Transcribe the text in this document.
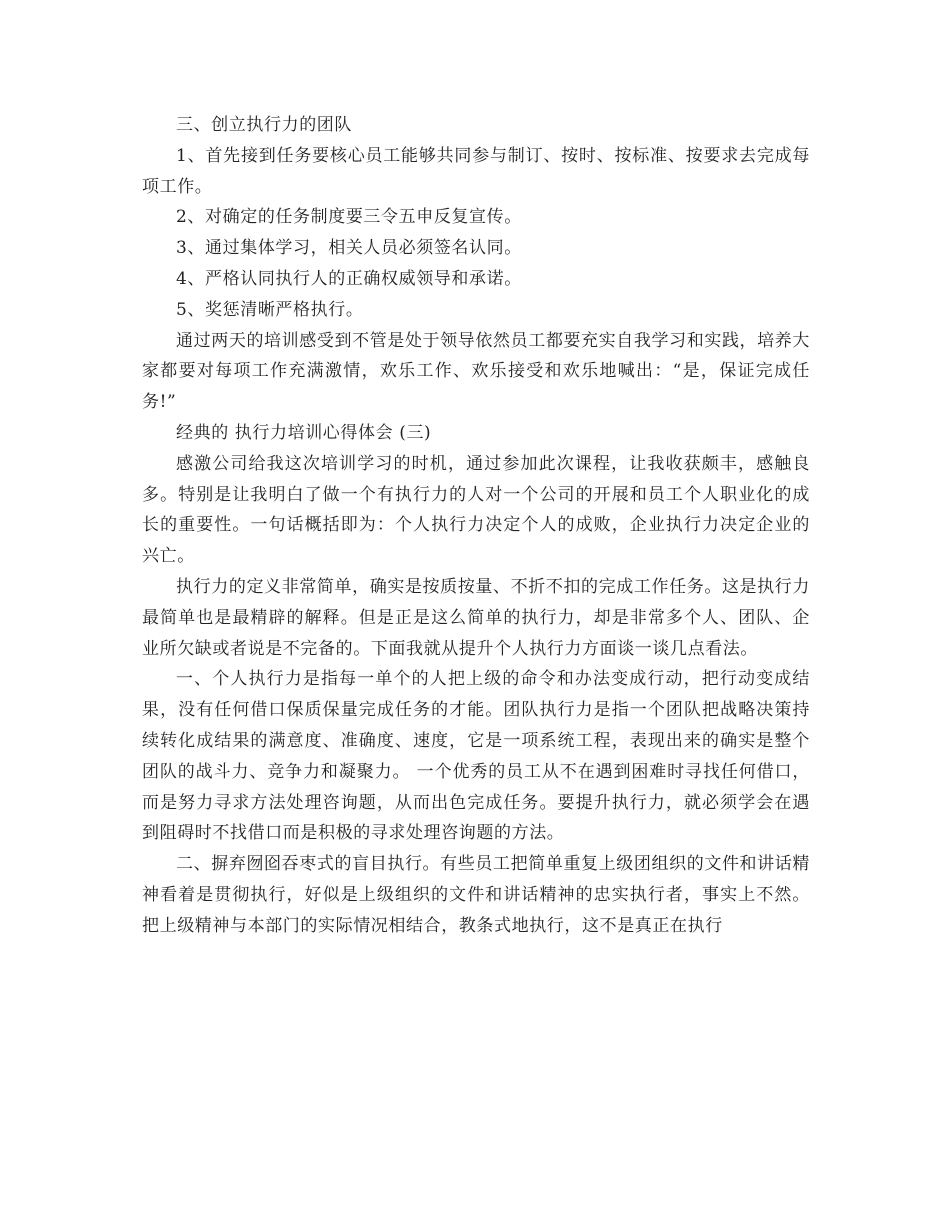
三、创立执行力的团队

1、首先接到任务要核心员工能够共同参与制订、按时、按标准、按要求去完成每项工作。

2、对确定的任务制度要三令五申反复宣传。

3、通过集体学习，相关人员必须签名认同。

4、严格认同执行人的正确权威领导和承诺。

5、奖惩清晰严格执行。

通过两天的培训感受到不管是处于领导依然员工都要充实自我学习和实践，培养大家都要对每项工作充满激情，欢乐工作、欢乐接受和欢乐地喊出：“是，保证完成任务!”

经典的 执行力培训心得体会 (三)

感激公司给我这次培训学习的时机，通过参加此次课程，让我收获颇丰，感触良多。特别是让我明白了做一个有执行力的人对一个公司的开展和员工个人职业化的成长的重要性。一句话概括即为：个人执行力决定个人的成败，企业执行力决定企业的兴亡。

执行力的定义非常简单，确实是按质按量、不折不扣的完成工作任务。这是执行力最简单也是最精辟的解释。但是正是这么简单的执行力，却是非常多个人、团队、企业所欠缺或者说是不完备的。下面我就从提升个人执行力方面谈一谈几点看法。

一、个人执行力是指每一单个的人把上级的命令和办法变成行动，把行动变成结果，没有任何借口保质保量完成任务的才能。团队执行力是指一个团队把战略决策持续转化成结果的满意度、准确度、速度，它是一项系统工程，表现出来的确实是整个团队的战斗力、竞争力和凝聚力。 一个优秀的员工从不在遇到困难时寻找任何借口，而是努力寻求方法处理咨询题，从而出色完成任务。要提升执行力，就必须学会在遇到阻碍时不找借口而是积极的寻求处理咨询题的方法。

二、摒弃囫囵吞枣式的盲目执行。有些员工把简单重复上级团组织的文件和讲话精神看着是贯彻执行，好似是上级组织的文件和讲话精神的忠实执行者，事实上不然。把上级精神与本部门的实际情况相结合，教条式地执行，这不是真正在执行
